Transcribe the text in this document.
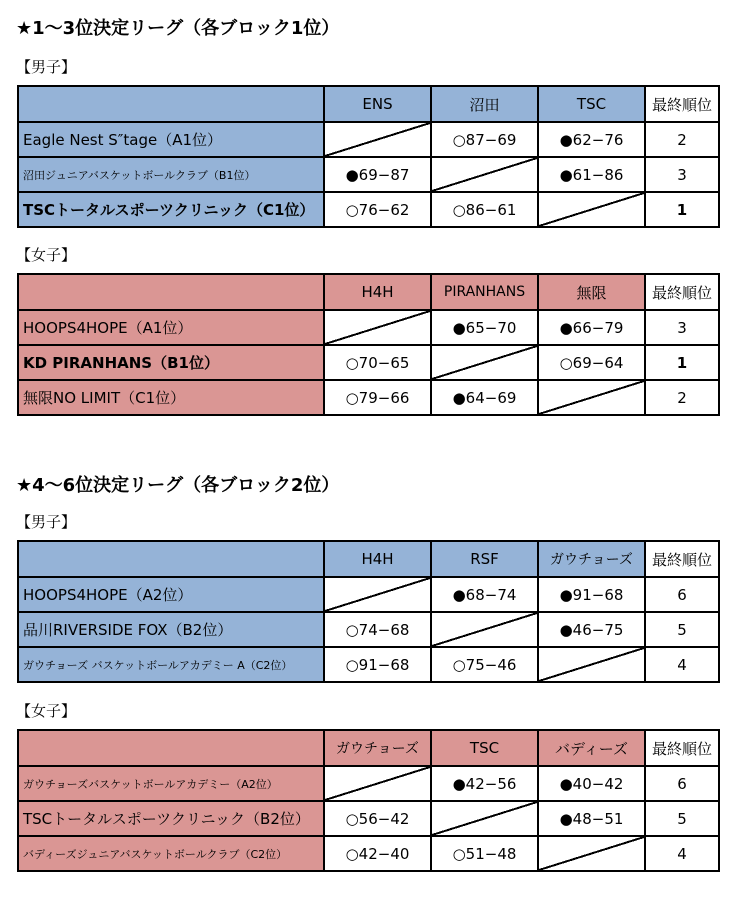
★1～3位決定リーグ（各ブロック1位）
【男子】
	ENS	沼田	TSC	最終順位
Eagle Nest S″tage（A1位）		○87−69	●62−76	2
沼田ジュニアバスケットボールクラブ（B1位）	●69−87		●61−86	3
TSCトータルスポーツクリニック（C1位）	○76−62	○86−61		1
【女子】
	H4H	PIRANHANS	無限	最終順位
HOOPS4HOPE（A1位）		●65−70	●66−79	3
KD PIRANHANS（B1位）	○70−65		○69−64	1
無限NO LIMIT（C1位）	○79−66	●64−69		2
★4～6位決定リーグ（各ブロック2位）
【男子】
	H4H	RSF	ガウチョーズ	最終順位
HOOPS4HOPE（A2位）		●68−74	●91−68	6
品川RIVERSIDE FOX（B2位）	○74−68		●46−75	5
ガウチョーズ バスケットボールアカデミー A（C2位）	○91−68	○75−46		4
【女子】
	ガウチョーズ	TSC	バディーズ	最終順位
ガウチョーズバスケットボールアカデミー（A2位）		●42−56	●40−42	6
TSCトータルスポーツクリニック（B2位）	○56−42		●48−51	5
バディーズジュニアバスケットボールクラブ（C2位）	○42−40	○51−48		4
